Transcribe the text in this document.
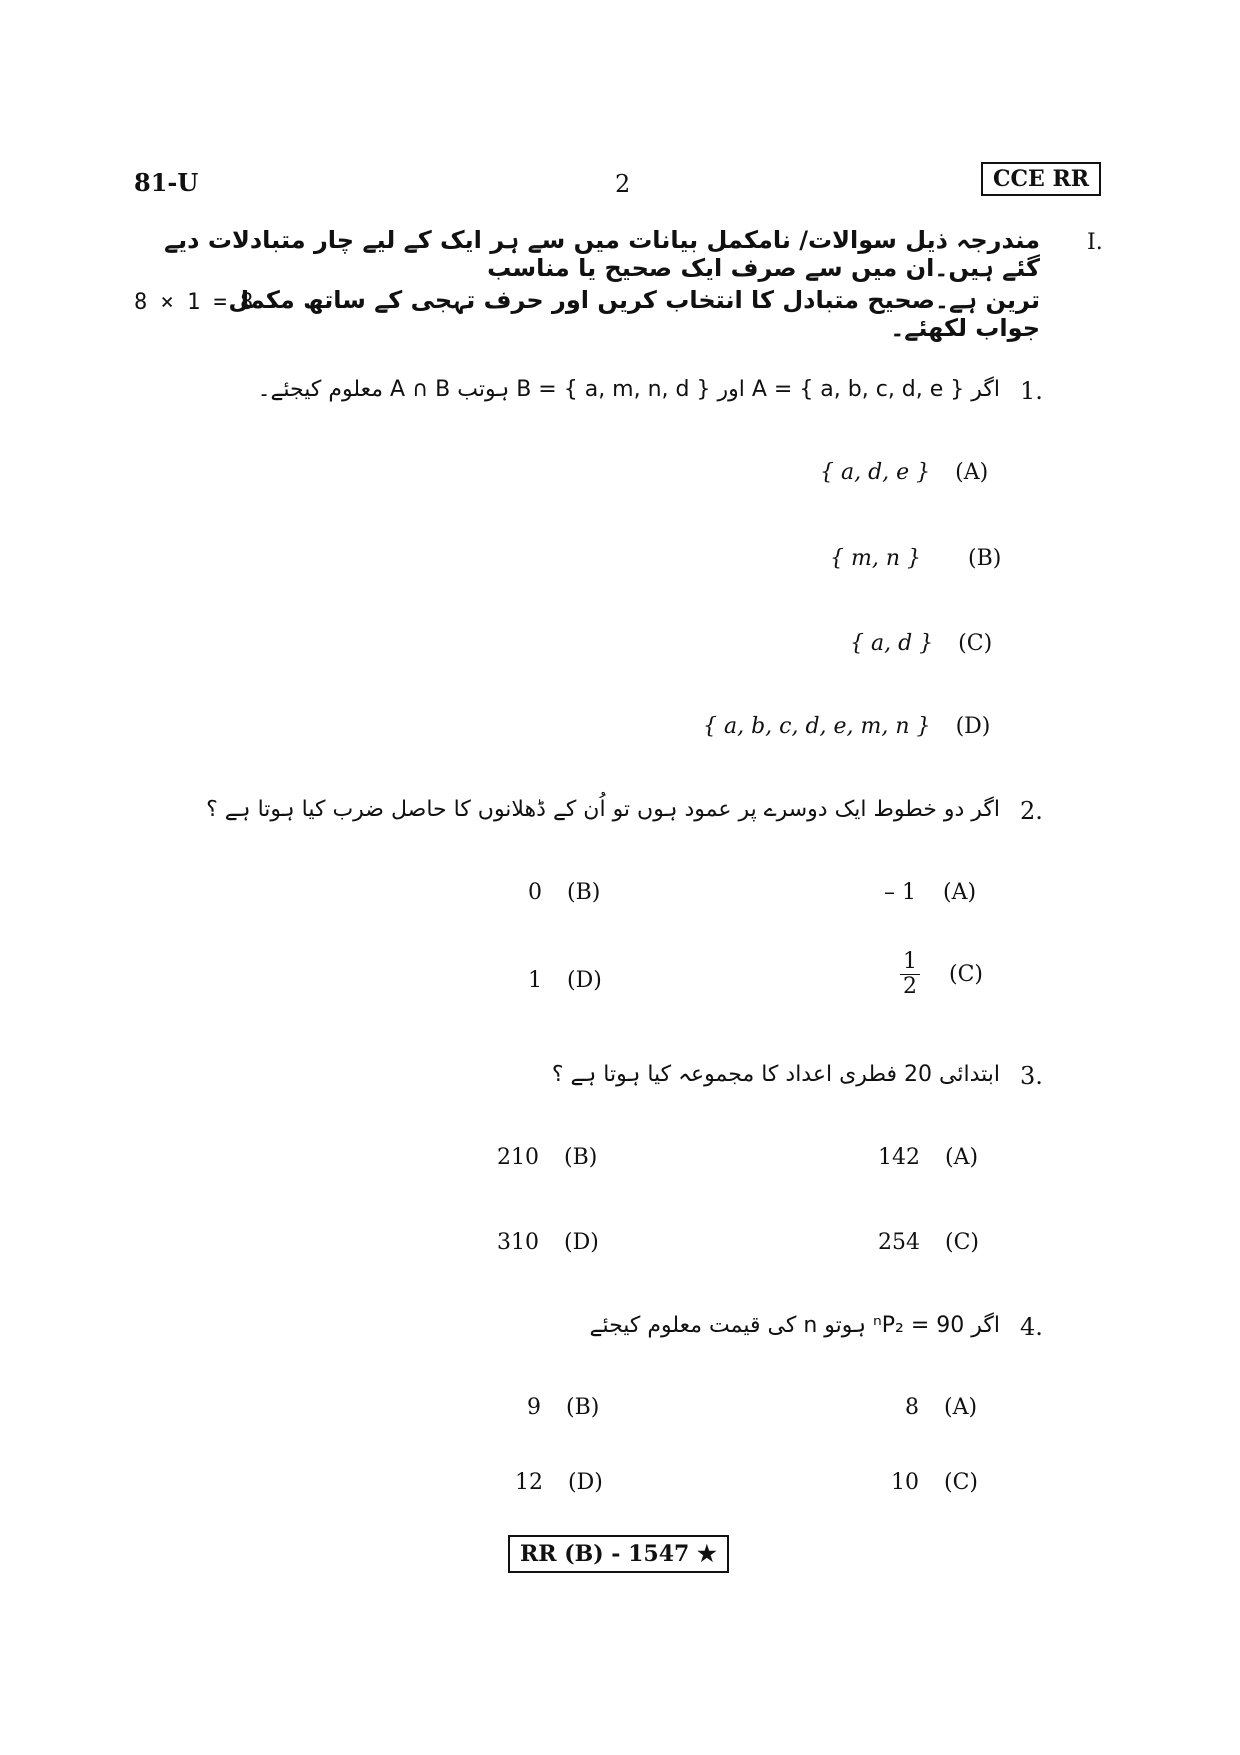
81-U	2	CCE RR
I.
مندرجہ ذیل سوالات/ نامکمل بیانات میں سے ہر ایک کے لیے چار متبادلات دیے گئے ہیں۔ان میں سے صرف ایک صحیح یا مناسب
ترین ہے۔صحیح متبادل کا انتخاب کریں اور حرف تہجی کے ساتھ مکمل جواب لکھئے۔
8 × 1 = 8
1.
اگر A = { a, b, c, d, e } اور B = { a, m, n, d } ہوتب A ∩ B معلوم کیجئے۔
{ a, d, e } (A)
{ m, n } (B)
{ a, d } (C)
{ a, b, c, d, e, m, n } (D)
2.
اگر دو خطوط ایک دوسرے پر عمود ہوں تو اُن کے ڈھلانوں کا حاصل ضرب کیا ہوتا ہے ؟
– 1 (A)
0 (B)
$\frac{1}{2} (C)$
1 (D)
3.
ابتدائی 20 فطری اعداد کا مجموعہ کیا ہوتا ہے ؟
142 (A)
210 (B)
254 (C)
310 (D)
4.
اگر ⁿP₂ = 90 ہوتو n کی قیمت معلوم کیجئے
8 (A)
9 (B)
10 (C)
12 (D)
RR (B) - 1547 ★
